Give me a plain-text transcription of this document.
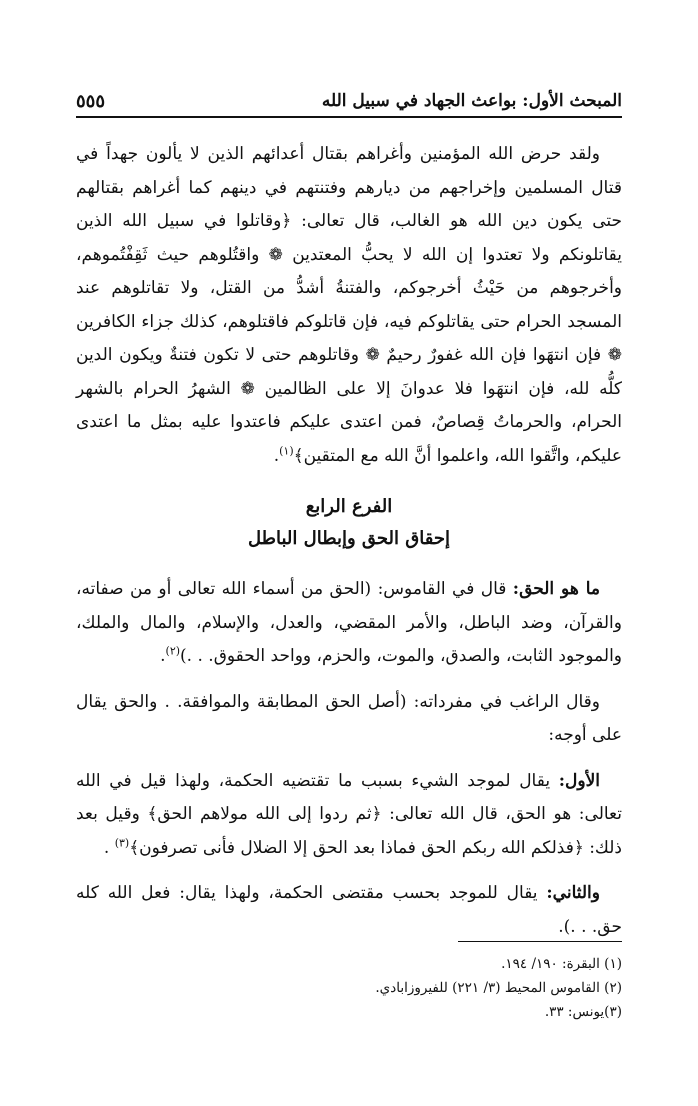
المبحث الأول: بواعث الجهاد في سبيل الله
٥٥٥

ولقد حرض الله المؤمنين وأغراهم بقتال أعدائهم الذين لا يألون جهداً في قتال المسلمين وإخراجهم من ديارهم وفتنتهم في دينهم كما أغراهم بقتالهم حتى يكون دين الله هو الغالب، قال تعالى: ﴿وقاتلوا في سبيل الله الذين يقاتلونكم ولا تعتدوا إن الله لا يحبُّ المعتدين ❁ واقتُلوهم حيث ثَقِفْتُموهم، وأخرجوهم من حَيْثُ أخرجوكم، والفتنةُ أشدُّ من القتل، ولا تقاتلوهم عند المسجد الحرام حتى يقاتلوكم فيه، فإن قاتلوكم فاقتلوهم، كذلك جزاء الكافرين ❁ فإن انتهَوا فإن الله غفورٌ رحيمٌ ❁ وقاتلوهم حتى لا تكون فتنةٌ ويكون الدين كلُّه لله، فإن انتهَوا فلا عدوانَ إلا على الظالمين ❁ الشهرُ الحرام بالشهر الحرام، والحرماتُ قِصاصٌ، فمن اعتدى عليكم فاعتدوا عليه بمثل ما اعتدى عليكم، واتَّقوا الله، واعلموا أنَّ الله مع المتقين﴾$^{(١)}$.

الفرع الرابع
إحقاق الحق وإبطال الباطل

ما هو الحق: قال في القاموس: (الحق من أسماء الله تعالى أو من صفاته، والقرآن، وضد الباطل، والأمر المقضي، والعدل، والإسلام، والمال والملك، والموجود الثابت، والصدق، والموت، والحزم، وواحد الحقوق. . .)$^{(٢)}$.

وقال الراغب في مفرداته: (أصل الحق المطابقة والموافقة. . والحق يقال على أوجه:

الأول: يقال لموجد الشيء بسبب ما تقتضيه الحكمة، ولهذا قيل في الله تعالى: هو الحق، قال الله تعالى: ﴿ثم ردوا إلى الله مولاهم الحق﴾ وقيل بعد ذلك: ﴿فذلكم الله ربكم الحق فماذا بعد الحق إلا الضلال فأنى تصرفون﴾$^{(٣)}$ .

والثاني: يقال للموجد بحسب مقتضى الحكمة، ولهذا يقال: فعل الله كله حق. . .).

(١) البقرة: ١٩٠/ ١٩٤.

(٢) القاموس المحيط (٣/ ٢٢١) للفيروزابادي.

(٣)يونس: ٣٣.
